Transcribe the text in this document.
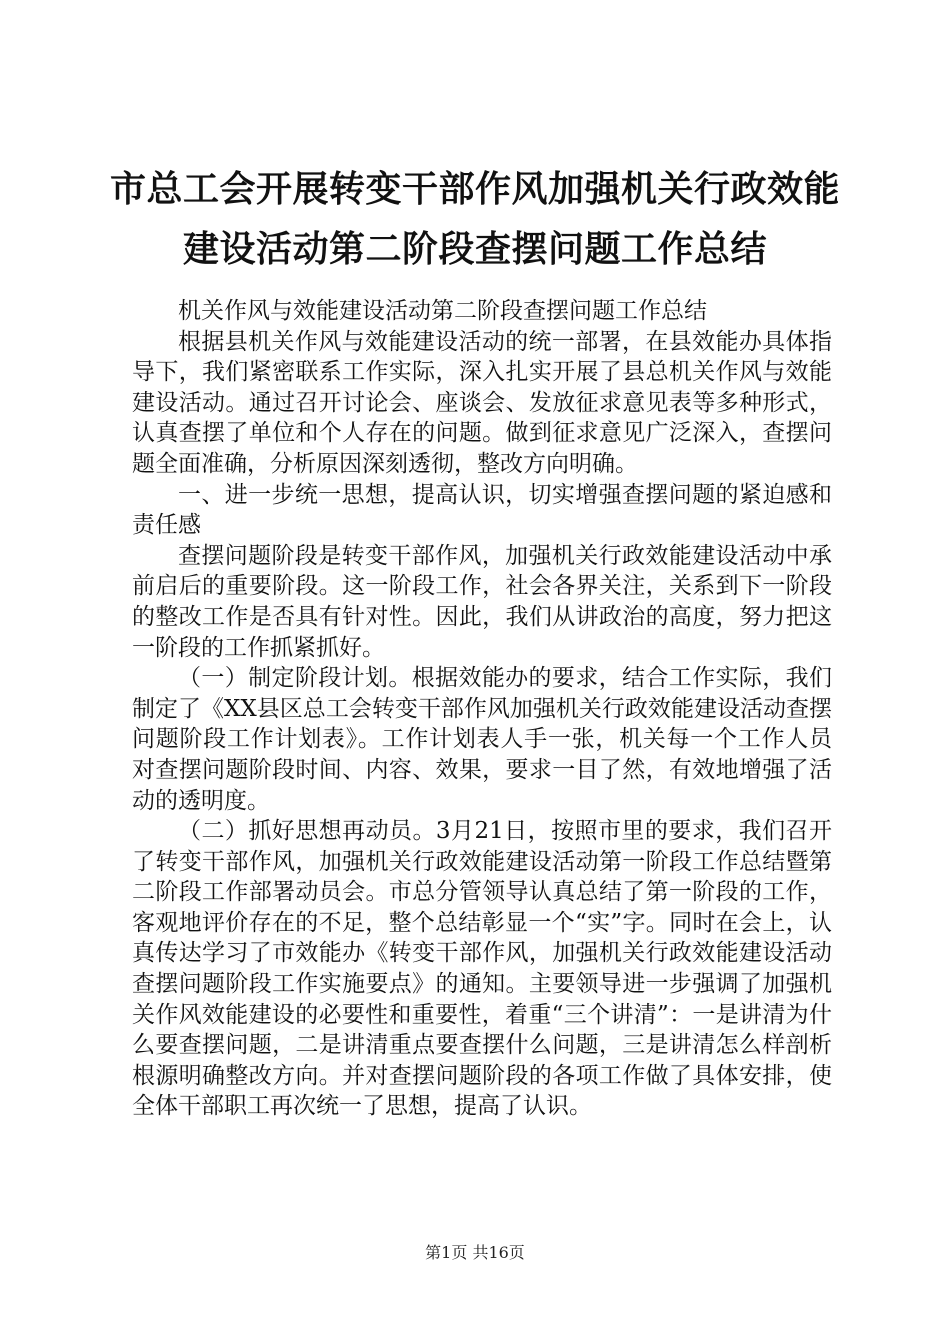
市总工会开展转变干部作风加强机关行政效能
建设活动第二阶段查摆问题工作总结

机关作风与效能建设活动第二阶段查摆问题工作总结

根据县机关作风与效能建设活动的统一部署，在县效能办具体指导下，我们紧密联系工作实际，深入扎实开展了县总机关作风与效能建设活动。通过召开讨论会、座谈会、发放征求意见表等多种形式，认真查摆了单位和个人存在的问题。做到征求意见广泛深入，查摆问题全面准确，分析原因深刻透彻，整改方向明确。

一、进一步统一思想，提高认识，切实增强查摆问题的紧迫感和责任感

查摆问题阶段是转变干部作风，加强机关行政效能建设活动中承前启后的重要阶段。这一阶段工作，社会各界关注，关系到下一阶段的整改工作是否具有针对性。因此，我们从讲政治的高度，努力把这一阶段的工作抓紧抓好。

（一）制定阶段计划。根据效能办的要求，结合工作实际，我们制定了《XX县区总工会转变干部作风加强机关行政效能建设活动查摆问题阶段工作计划表》。工作计划表人手一张，机关每一个工作人员对查摆问题阶段时间、内容、效果，要求一目了然，有效地增强了活动的透明度。

（二）抓好思想再动员。3月21日，按照市里的要求，我们召开了转变干部作风，加强机关行政效能建设活动第一阶段工作总结暨第二阶段工作部署动员会。市总分管领导认真总结了第一阶段的工作，客观地评价存在的不足，整个总结彰显一个“实”字。同时在会上，认真传达学习了市效能办《转变干部作风，加强机关行政效能建设活动查摆问题阶段工作实施要点》的通知。主要领导进一步强调了加强机关作风效能建设的必要性和重要性，着重“三个讲清”：一是讲清为什么要查摆问题，二是讲清重点要查摆什么问题，三是讲清怎么样剖析根源明确整改方向。并对查摆问题阶段的各项工作做了具体安排，使全体干部职工再次统一了思想，提高了认识。

第1页 共16页
